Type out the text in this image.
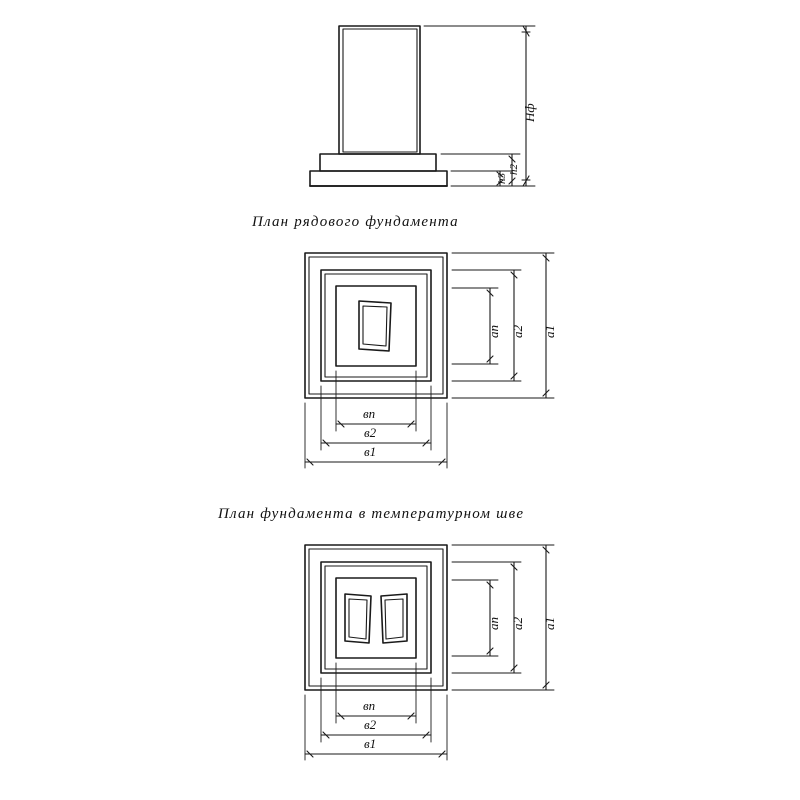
Hф
h2
h3
План рядового фундамента
aп a2 a1
вп
в2
в1
План фундамента в температурном шве
aп a2 a1
вп
в2
в1
